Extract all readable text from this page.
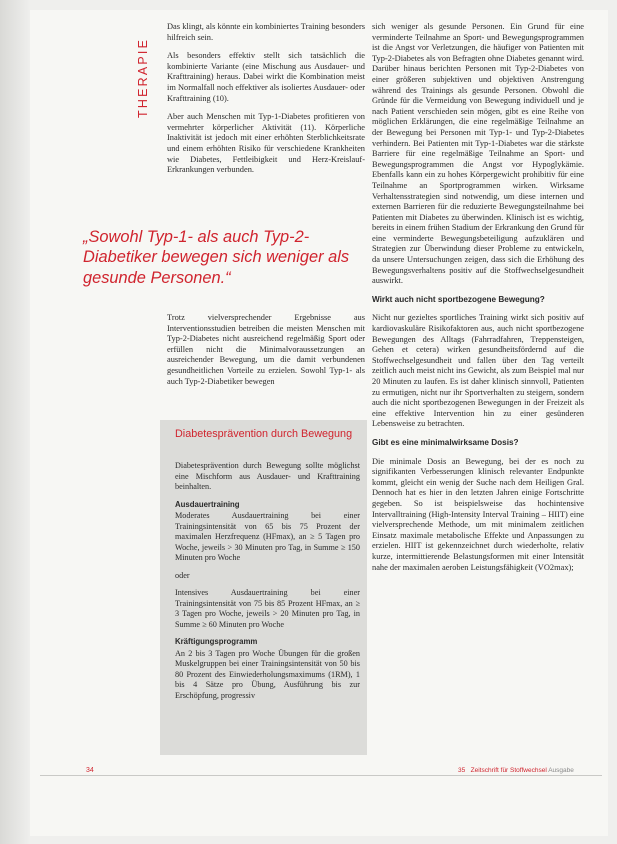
THERAPIE

Das klingt, als könnte ein kombiniertes Training besonders hilfreich sein.

Als besonders effektiv stellt sich tatsächlich die kombinierte Variante (eine Mischung aus Ausdauer- und Krafttraining) heraus. Dabei wirkt die Kombination meist im Normalfall noch effektiver als isoliertes Ausdauer- oder Krafttraining (10).

Aber auch Menschen mit Typ-1-Diabetes profitieren von vermehrter körperlicher Aktivität (11). Körperliche Inaktivität ist jedoch mit einer erhöhten Sterblichkeitsrate und einem erhöhten Risiko für verschiedene Krankheiten wie Diabetes, Fettleibigkeit und Herz-Kreislauf-Erkrankungen verbunden.

„Sowohl Typ-1- als auch Typ-2-Diabetiker bewegen sich weniger als gesunde Personen.“

Trotz vielversprechender Ergebnisse aus Interventionsstudien betreiben die meisten Menschen mit Typ-2-Diabetes nicht ausreichend regelmäßig Sport oder erfüllen nicht die Minimalvoraussetzungen an ausreichender Bewegung, um die damit verbundenen gesundheitlichen Vorteile zu erzielen. Sowohl Typ-1- als auch Typ-2-Diabetiker bewegen

Diabetesprävention durch Bewegung

Diabetesprävention durch Bewegung sollte möglichst eine Mischform aus Ausdauer- und Krafttraining beinhalten.

Ausdauertraining

Moderates Ausdauertraining bei einer Trainingsintensität von 65 bis 75 Prozent der maximalen Herzfrequenz (HFmax), an ≥ 5 Tagen pro Woche, jeweils > 30 Minuten pro Tag, in Summe ≥ 150 Minuten pro Woche

oder

Intensives Ausdauertraining bei einer Trainingsintensität von 75 bis 85 Prozent HFmax, an ≥ 3 Tagen pro Woche, jeweils > 20 Minuten pro Tag, in Summe ≥ 60 Minuten pro Woche

Kräftigungsprogramm

An 2 bis 3 Tagen pro Woche Übungen für die großen Muskelgruppen bei einer Trainingsintensität von 50 bis 80 Prozent des Einwiederholungsmaximums (1RM), 1 bis 4 Sätze pro Übung, Ausführung bis zur Erschöpfung, progressiv

sich weniger als gesunde Personen. Ein Grund für eine verminderte Teilnahme an Sport- und Bewegungsprogrammen ist die Angst vor Verletzungen, die häufiger von Patienten mit Typ-2-Diabetes als von Befragten ohne Diabetes genannt wird. Darüber hinaus berichten Personen mit Typ-2-Diabetes von einer größeren subjektiven und objektiven Anstrengung während des Trainings als gesunde Personen. Obwohl die Gründe für die Vermeidung von Bewegung individuell und je nach Patient verschieden sein mögen, gibt es eine Reihe von möglichen Erklärungen, die eine regelmäßige Teilnahme an der Bewegung bei Personen mit Typ-1- und Typ-2-Diabetes verhindern. Bei Patienten mit Typ-1-Diabetes war die stärkste Barriere für eine regelmäßige Teilnahme an Sport- und Bewegungsprogrammen die Angst vor Hypoglykämie. Ebenfalls kann ein zu hohes Körpergewicht prohibitiv für eine Teilnahme an Sportprogrammen wirken. Wirksame Verhaltensstrategien sind notwendig, um diese internen und externen Barrieren für die reduzierte Bewegungsteilnahme bei Patienten mit Diabetes zu überwinden. Klinisch ist es wichtig, bereits in einem frühen Stadium der Erkrankung den Grund für eine verminderte Bewegungsbeteiligung aufzuklären und Strategien zur Überwindung dieser Probleme zu entwickeln, da unsere Untersuchungen zeigen, dass sich die Erhöhung des Bewegungsverhaltens positiv auf die Stoffwechselgesundheit auswirkt.

Wirkt auch nicht sportbezogene Bewegung?

Nicht nur gezieltes sportliches Training wirkt sich positiv auf kardiovaskuläre Risikofaktoren aus, auch nicht sportbezogene Bewegungen des Alltags (Fahrradfahren, Treppensteigen, Gehen et cetera) wirken gesundheitsfördernd auf die Stoffwechselgesundheit und fallen über den Tag verteilt zeitlich auch meist nicht ins Gewicht, als zum Beispiel mal nur 20 Minuten zu laufen. Es ist daher klinisch sinnvoll, Patienten zu ermutigen, nicht nur ihr Sportverhalten zu steigern, sondern auch die nicht sportbezogenen Bewegungen in der Freizeit als eine effektive Intervention hin zu einer gesünderen Lebensweise zu betrachten.

Gibt es eine minimalwirksame Dosis?

Die minimale Dosis an Bewegung, bei der es noch zu signifikanten Verbesserungen klinisch relevanter Endpunkte kommt, gleicht ein wenig der Suche nach dem Heiligen Gral. Dennoch hat es hier in den letzten Jahren einige Fortschritte gegeben. So ist beispielsweise das hochintensive Intervalltraining (High-Intensity Interval Training – HIIT) eine vielversprechende Methode, um mit minimalem zeitlichen Einsatz maximale metabolische Effekte und Anpassungen zu erzielen. HIIT ist gekennzeichnet durch wiederholte, relativ kurze, intermittierende Belastungsformen mit einer Intensität nahe der maximalen aeroben Leistungsfähigkeit (VO2max);

34	35 Zeitschrift für Stoffwechsel Ausgabe
